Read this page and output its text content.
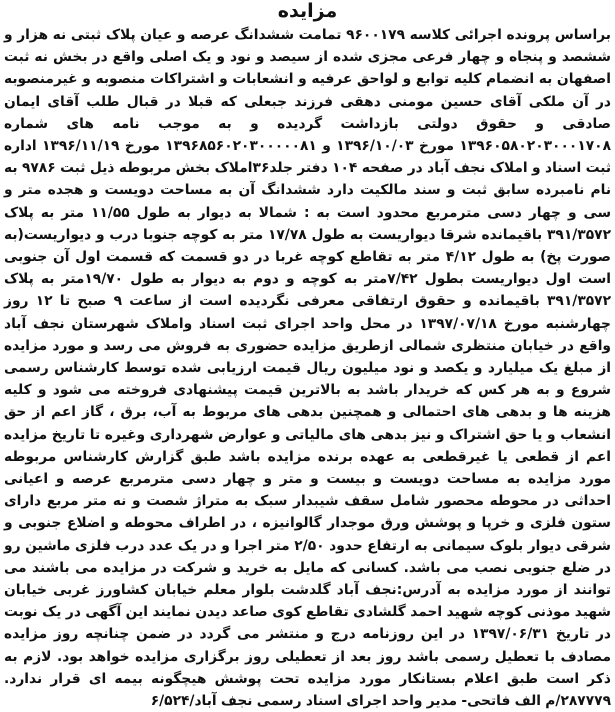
مزایده

براساس پرونده اجرائی کلاسه ۹۶۰۰۱۷۹ تمامت ششدانگ عرصه و عیان پلاک ثبتی نه هزار و ششصد و پنجاه و چهار فرعی مجزی شده از سیصد و نود و یک اصلی واقع در بخش نه ثبت اصفهان به انضمام کلیه توابع و لواحق عرفیه و انشعابات و اشتراکات منصوبه و غیرمنصوبه در آن ملکی آقای حسین مومنی دهقی فرزند جبعلی که قبلا در قبال طلب آقای ایمان صادقی و حقوق دولتی بازداشت گردیده و به موجب نامه های شماره ۱۳۹۶۰۵۸۰۲۰۳۰۰۰۱۷۰۸ مورخ ۱۳۹۶/۱۰/۰۳ و ۱۳۹۶۸۵۶۰۲۰۳۰۰۰۰۰۸۱ مورخ ۱۳۹۶/۱۱/۱۹ اداره ثبت اسناد و املاک نجف آباد در صفحه ۱۰۴ دفتر جلد۳۶املاک بخش مربوطه ذیل ثبت ۹۷۸۶ به نام نامبرده سابق ثبت و سند مالکیت دارد ششدانگ آن به مساحت دویست و هجده متر و سی و چهار دسی مترمربع محدود است به : شمالا به دیوار به طول ۱۱/۵۵ متر به پلاک ۳۹۱/۳۵۷۲ باقیمانده شرقا دیواریست به طول ۱۷/۷۸ متر به کوچه جنوبا درب و دیواریست(به صورت پخ) به طول ۴/۱۲ متر به تقاطع کوچه غربا در دو قسمت که قسمت اول آن جنوبی است اول دیواریست بطول ۷/۴۲متر به کوچه و دوم به دیوار به طول ۱۹/۷۰متر به پلاک ۳۹۱/۳۵۷۲ باقیمانده و حقوق ارتفاقی معرفی نگردیده است از ساعت ۹ صبح تا ۱۲ روز چهارشنبه مورخ ۱۳۹۷/۰۷/۱۸ در محل واحد اجرای ثبت اسناد واملاک شهرستان نجف آباد واقع در خیابان منتظری شمالی ازطریق مزایده حضوری به فروش می رسد و مورد مزایده از مبلغ یک میلیارد و یکصد و نود میلیون ریال قیمت ارزیابی شده توسط کارشناس رسمی شروع و به هر کس که خریدار باشد به بالاترین قیمت پیشنهادی فروخته می شود و کلیه هزینه ها و بدهی های احتمالی و همچنین بدهی های مربوط به آب، برق ، گاز اعم از حق انشعاب و یا حق اشتراک و نیز بدهی های مالیاتی و عوارض شهرداری وغیره تا تاریخ مزایده اعم از قطعی یا غیرقطعی به عهده برنده مزایده باشد طبق گزارش کارشناس مربوطه مورد مزایده به مساحت دویست و بیست و متر و چهار دسی مترمربع عرصه و اعیانی احداثی در محوطه محصور شامل سقف شیبدار سبک به متراژ شصت و نه متر مربع دارای ستون فلزی و خرپا و پوشش ورق موجدار گالوانیزه ، در اطراف محوطه و اضلاع جنوبی و شرقی دیوار بلوک سیمانی به ارتفاع حدود ۲/۵۰ متر اجرا و در یک عدد درب فلزی ماشین رو در ضلع جنوبی نصب می باشد. کسانی که مایل به خرید و شرکت در مزایده می باشند می توانند از مورد مزایده به آدرس:نجف آباد گلدشت بلوار معلم خیابان کشاورز غربی خیابان شهید موذنی کوچه شهید احمد گلشادی تقاطع کوی صاعد دیدن نمایند این آگهی در یک نوبت در تاریخ ۱۳۹۷/۰۶/۳۱ در این روزنامه درج و منتشر می گردد در ضمن چنانچه روز مزایده مصادف با تعطیل رسمی باشد روز بعد از تعطیلی روز برگزاری مزایده خواهد بود. لازم به ذکر است طبق اعلام بستانکار مورد مزایده تحت پوشش هیچگونه بیمه ای قرار ندارد. ۲۸۷۷۷۹/م الف فاتحی- مدیر واحد اجرای اسناد رسمی نجف آباد/۶/۵۲۴
